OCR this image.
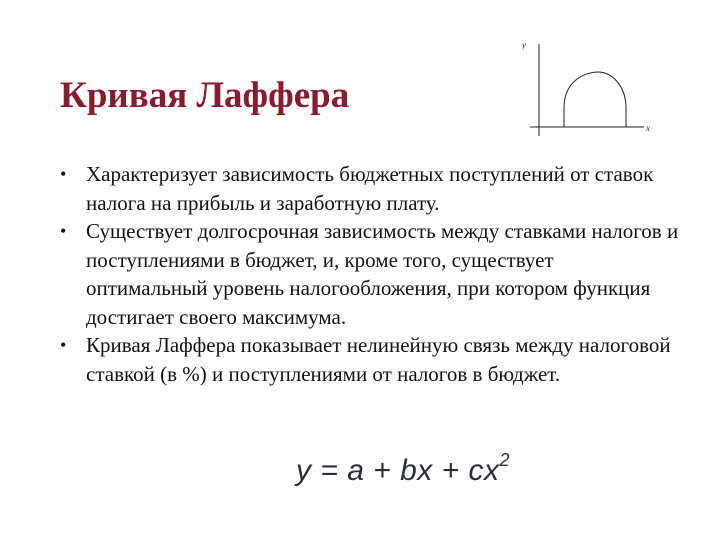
Кривая Лаффера
y
x
• Характеризует зависимость бюджетных поступлений от ставок налога на прибыль и заработную плату.
• Существует долгосрочная зависимость между ставками налогов и поступлениями в бюджет, и, кроме того, существует оптимальный уровень налогообложения, при котором функция достигает своего максимума.
• Кривая Лаффера показывает нелинейную связь между налоговой ставкой (в %) и поступлениями от налогов в бюджет.
y = a + bx + $cx^2$
